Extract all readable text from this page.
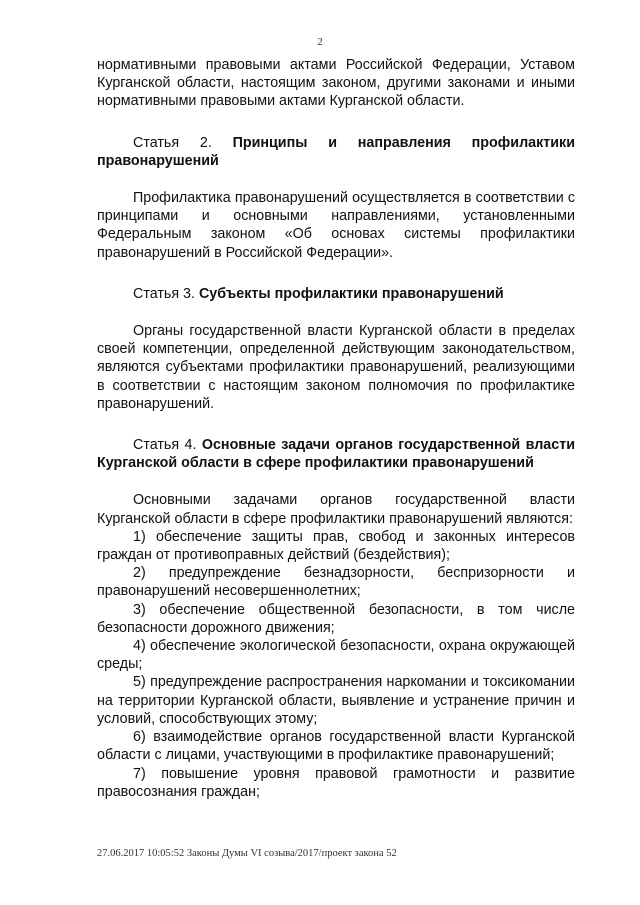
2

нормативными правовыми актами Российской Федерации, Уставом Курганской области, настоящим законом, другими законами и иными нормативными правовыми актами Курганской области.

Статья 2. Принципы и направления профилактики правонарушений

Профилактика правонарушений осуществляется в соответствии с принципами и основными направлениями, установленными Федеральным законом «Об основах системы профилактики правонарушений в Российской Федерации».

Статья 3. Субъекты профилактики правонарушений

Органы государственной власти Курганской области в пределах своей компетенции, определенной действующим законодательством, являются субъектами профилактики правонарушений, реализующими в соответствии с настоящим законом полномочия по профилактике правонарушений.

Статья 4. Основные задачи органов государственной власти Курганской области в сфере профилактики правонарушений

Основными задачами органов государственной власти Курганской области в сфере профилактики правонарушений являются:

1) обеспечение защиты прав, свобод и законных интересов граждан от противоправных действий (бездействия);

2) предупреждение безнадзорности, беспризорности и правонарушений несовершеннолетних;

3) обеспечение общественной безопасности, в том числе безопасности дорожного движения;

4) обеспечение экологической безопасности, охрана окружающей среды;

5) предупреждение распространения наркомании и токсикомании на территории Курганской области, выявление и устранение причин и условий, способствующих этому;

6) взаимодействие органов государственной власти Курганской области с лицами, участвующими в профилактике правонарушений;

7) повышение уровня правовой грамотности и развитие правосознания граждан;

27.06.2017 10:05:52 Законы Думы VI созыва/2017/проект закона 52
